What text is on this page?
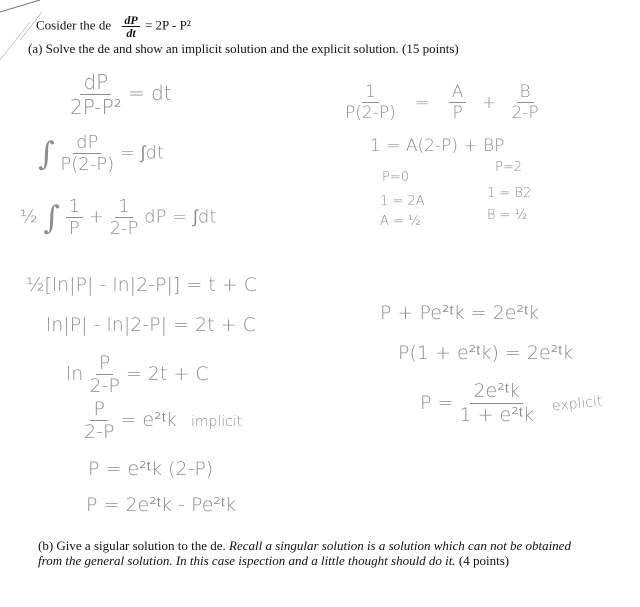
Cosider the de $\frac{dP}{dt} = 2P - P^2$
(a) Solve the de and show an implicit solution and the explicit solution. (15 points)
$\frac{dP}{\text{2P-P²}}$ = dt
∫ $\frac{dP}{P(2-P)} = \int dt$
½ ∫ $\frac{1}{P} + \frac{1}{2-P}$ dP = ∫dt
½[ln|P| - ln|2-P|] = t + C
ln|P| - ln|2-P| = 2t + C
$\ln \frac{P}{2-P} = 2t + C$
$\frac{P}{2-P}$ = e²ᵗk implicit
P = e²ᵗk (2-P)
P = 2e²ᵗk - Pe²ᵗk
$\frac{1}{P(2-P)} = \frac{A}{P} + \frac{B}{2-P}$
1 = A(2-P) + BP
P=2
P=0
1 = B2
1 = 2A
B = ½
A = ½
P + Pe²ᵗk = 2e²ᵗk
P(1 + e²ᵗk) = 2e²ᵗk
$P = \frac{\text{2e²ᵗk}}{\text{1 + e²ᵗk}}$ explicit
(b) Give a sigular solution to the de. Recall a singular solution is a solution which can not be obtained from the general solution. In this case ispection and a little thought should do it. (4 points)
